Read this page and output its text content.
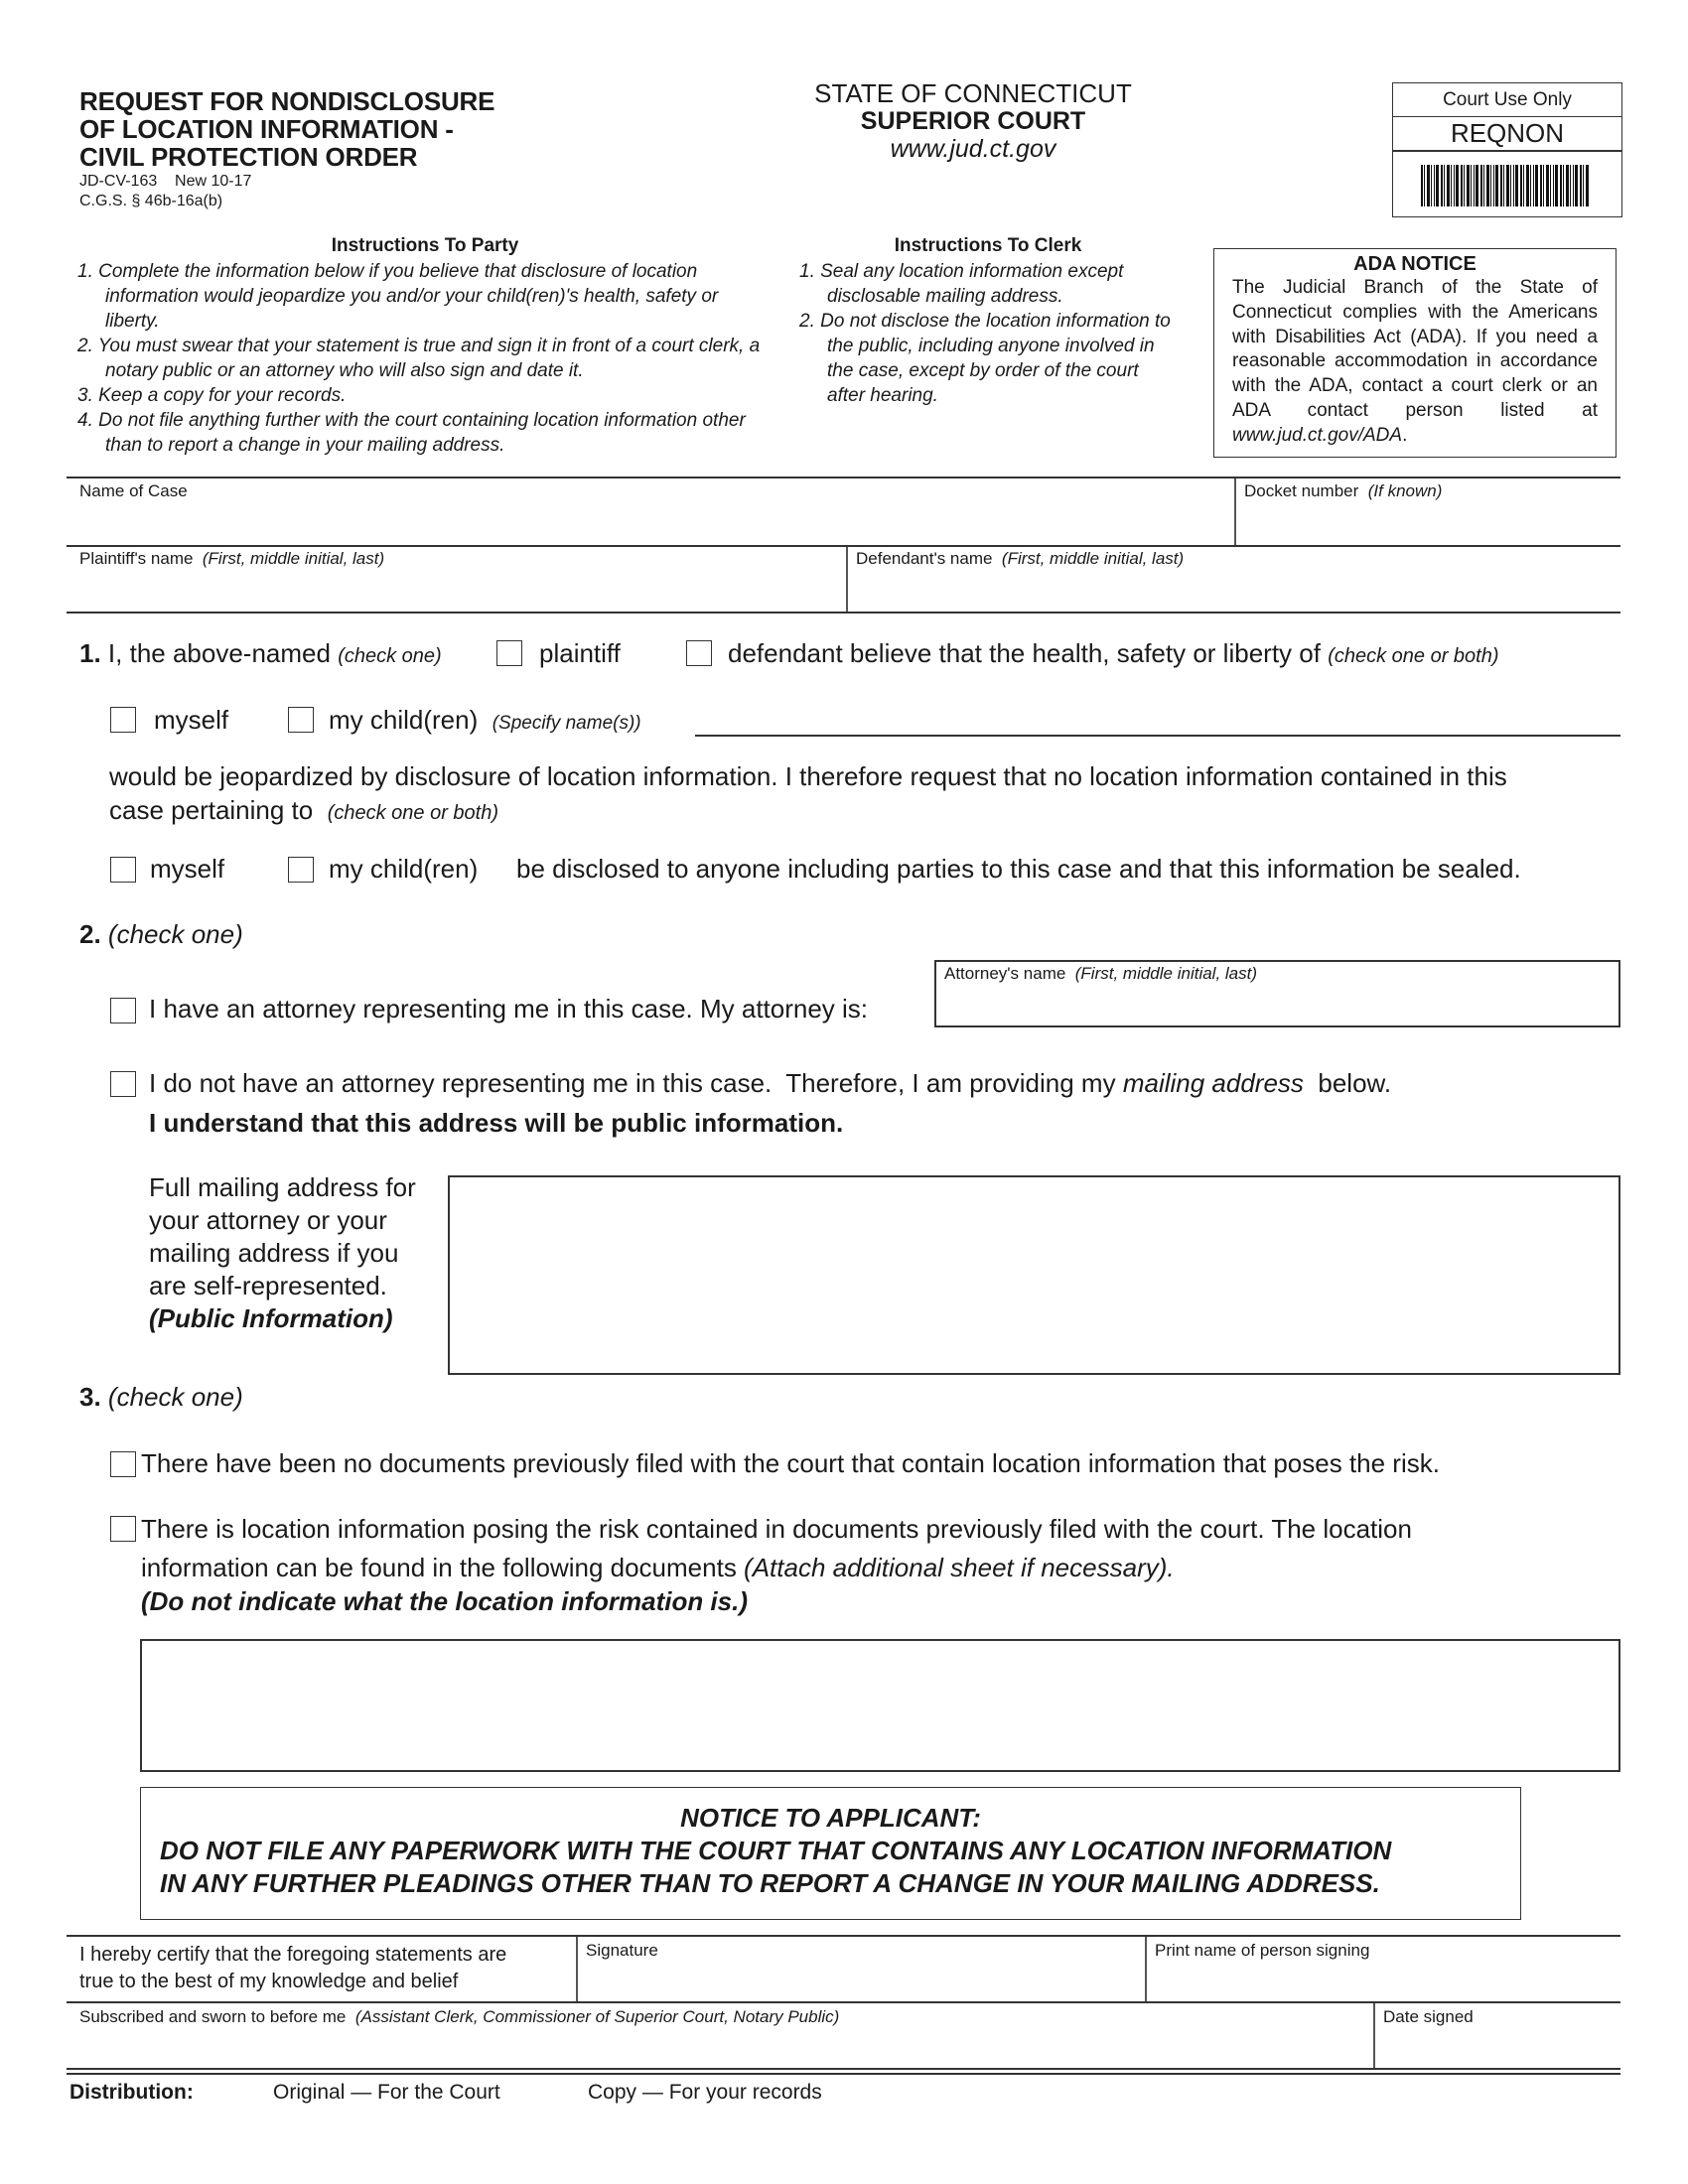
REQUEST FOR NONDISCLOSURE
OF LOCATION INFORMATION -
CIVIL PROTECTION ORDER
JD-CV-163    New 10-17
C.G.S. § 46b-16a(b)
STATE OF CONNECTICUT
SUPERIOR COURT
www.jud.ct.gov
Court Use Only
REQNON
Instructions To Party
1. Complete the information below if you believe that disclosure of location information would jeopardize you and/or your child(ren)'s health, safety or liberty.
2. You must swear that your statement is true and sign it in front of a court clerk, a notary public or an attorney who will also sign and date it.
3. Keep a copy for your records.
4. Do not file anything further with the court containing location information other than to report a change in your mailing address.
Instructions To Clerk
1. Seal any location information except disclosable mailing address.
2. Do not disclose the location information to the public, including anyone involved in the case, except by order of the court after hearing.
ADA NOTICE
The Judicial Branch of the State of Connecticut complies with the Americans with Disabilities Act (ADA). If you need a reasonable accommodation in accordance with the ADA, contact a court clerk or an ADA contact person listed at www.jud.ct.gov/ADA.
Name of Case	Docket number (If known)
Plaintiff's name (First, middle initial, last)	Defendant's name (First, middle initial, last)
1. I, the above-named (check one)	plaintiff	defendant believe that the health, safety or liberty of (check one or both)
myself	my child(ren) (Specify name(s))
would be jeopardized by disclosure of location information. I therefore request that no location information contained in this
case pertaining to (check one or both)
myself	my child(ren) be disclosed to anyone including parties to this case and that this information be sealed.
2. (check one)
I have an attorney representing me in this case. My attorney is:
Attorney's name (First, middle initial, last)
I do not have an attorney representing me in this case.  Therefore, I am providing my mailing address  below.
I understand that this address will be public information.
Full mailing address for
your attorney or your
mailing address if you
are self-represented.
(Public Information)
3. (check one)
There have been no documents previously filed with the court that contain location information that poses the risk.
There is location information posing the risk contained in documents previously filed with the court. The location
information can be found in the following documents (Attach additional sheet if necessary).
(Do not indicate what the location information is.)
NOTICE TO APPLICANT:
DO NOT FILE ANY PAPERWORK WITH THE COURT THAT CONTAINS ANY LOCATION INFORMATION
IN ANY FURTHER PLEADINGS OTHER THAN TO REPORT A CHANGE IN YOUR MAILING ADDRESS.
I hereby certify that the foregoing statements are
true to the best of my knowledge and belief
Signature	Print name of person signing
Subscribed and sworn to before me (Assistant Clerk, Commissioner of Superior Court, Notary Public)	Date signed
Distribution:	Original — For the Court	Copy — For your records
